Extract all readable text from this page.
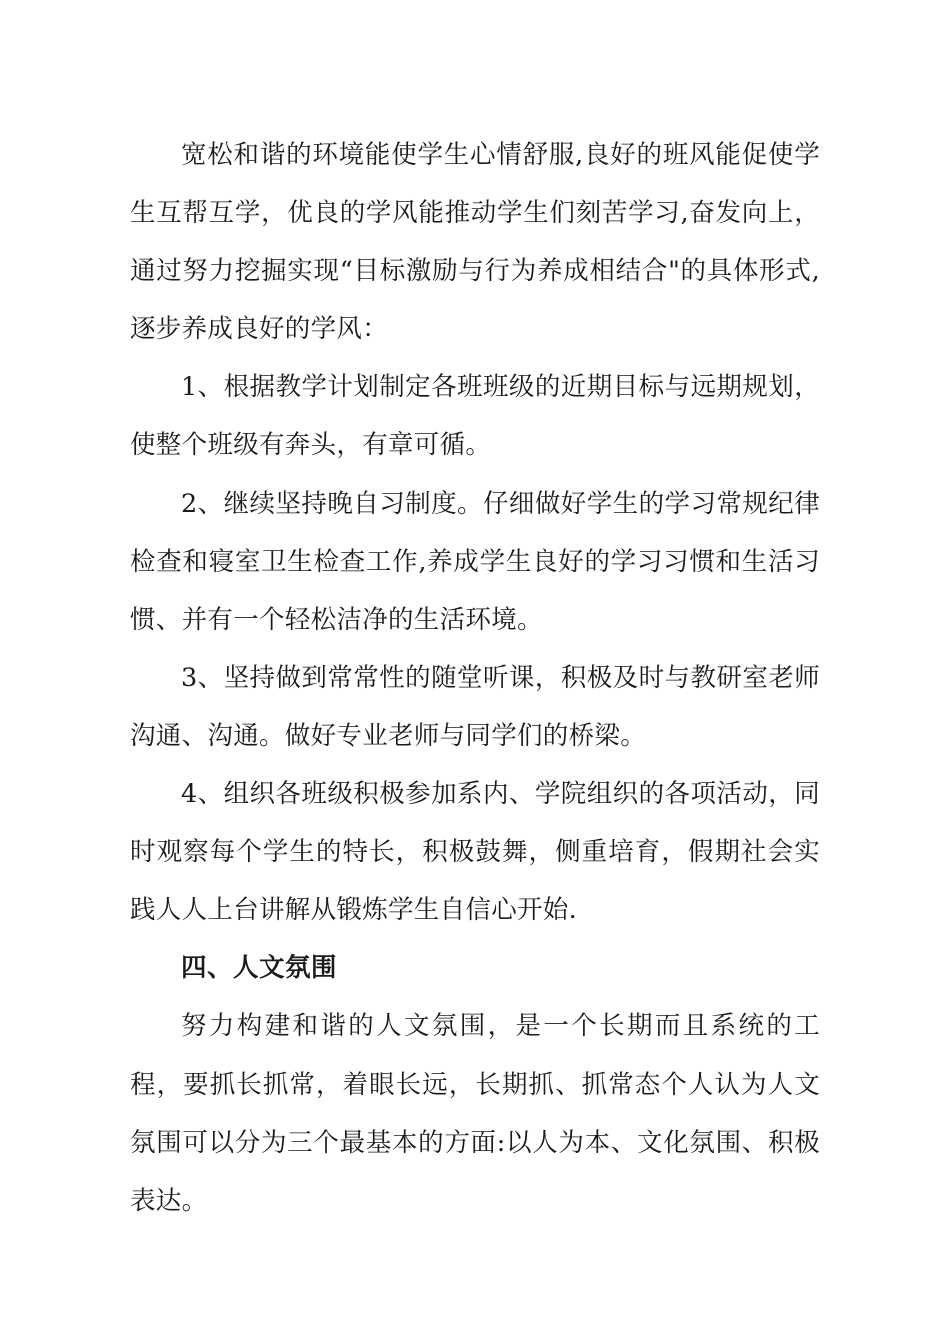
宽松和谐的环境能使学生心情舒服,良好的班风能促使学生互帮互学，优良的学风能推动学生们刻苦学习,奋发向上，通过努力挖掘实现“目标激励与行为养成相结合"的具体形式,逐步养成良好的学风：

1、根据教学计划制定各班班级的近期目标与远期规划，使整个班级有奔头，有章可循。

2、继续坚持晚自习制度。仔细做好学生的学习常规纪律检查和寝室卫生检查工作,养成学生良好的学习习惯和生活习惯、并有一个轻松洁净的生活环境。

3、坚持做到常常性的随堂听课，积极及时与教研室老师沟通、沟通。做好专业老师与同学们的桥梁。

4、组织各班级积极参加系内、学院组织的各项活动，同时观察每个学生的特长，积极鼓舞，侧重培育，假期社会实践人人上台讲解从锻炼学生自信心开始.

四、人文氛围

努力构建和谐的人文氛围，是一个长期而且系统的工程，要抓长抓常，着眼长远，长期抓、抓常态个人认为人文氛围可以分为三个最基本的方面:以人为本、文化氛围、积极表达。
